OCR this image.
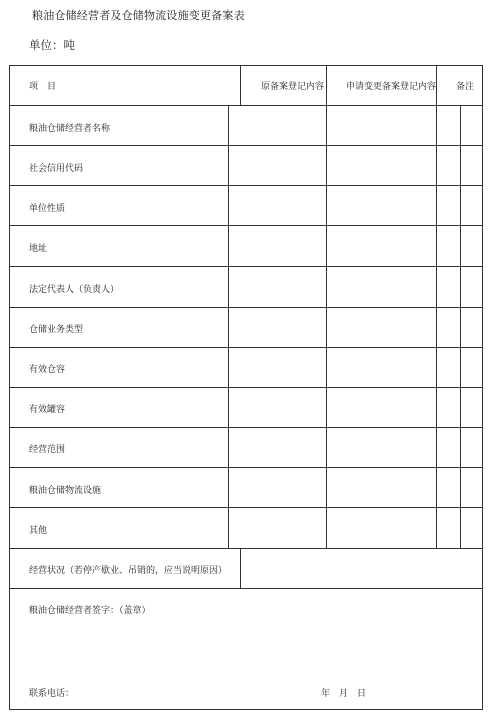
粮油仓储经营者及仓储物流设施变更备案表
单位：吨
项　目	原备案登记内容 申请变更备案登记内容 备注
粮油仓储经营者名称
社会信用代码
单位性质
地址
法定代表人（负责人）
仓储业务类型
有效仓容
有效罐容
经营范围
粮油仓储物流设施
其他
经营状况（若停产歇业、吊销的，应当说明原因）
粮油仓储经营者签字：（盖章）
联系电话：	年　月　日
